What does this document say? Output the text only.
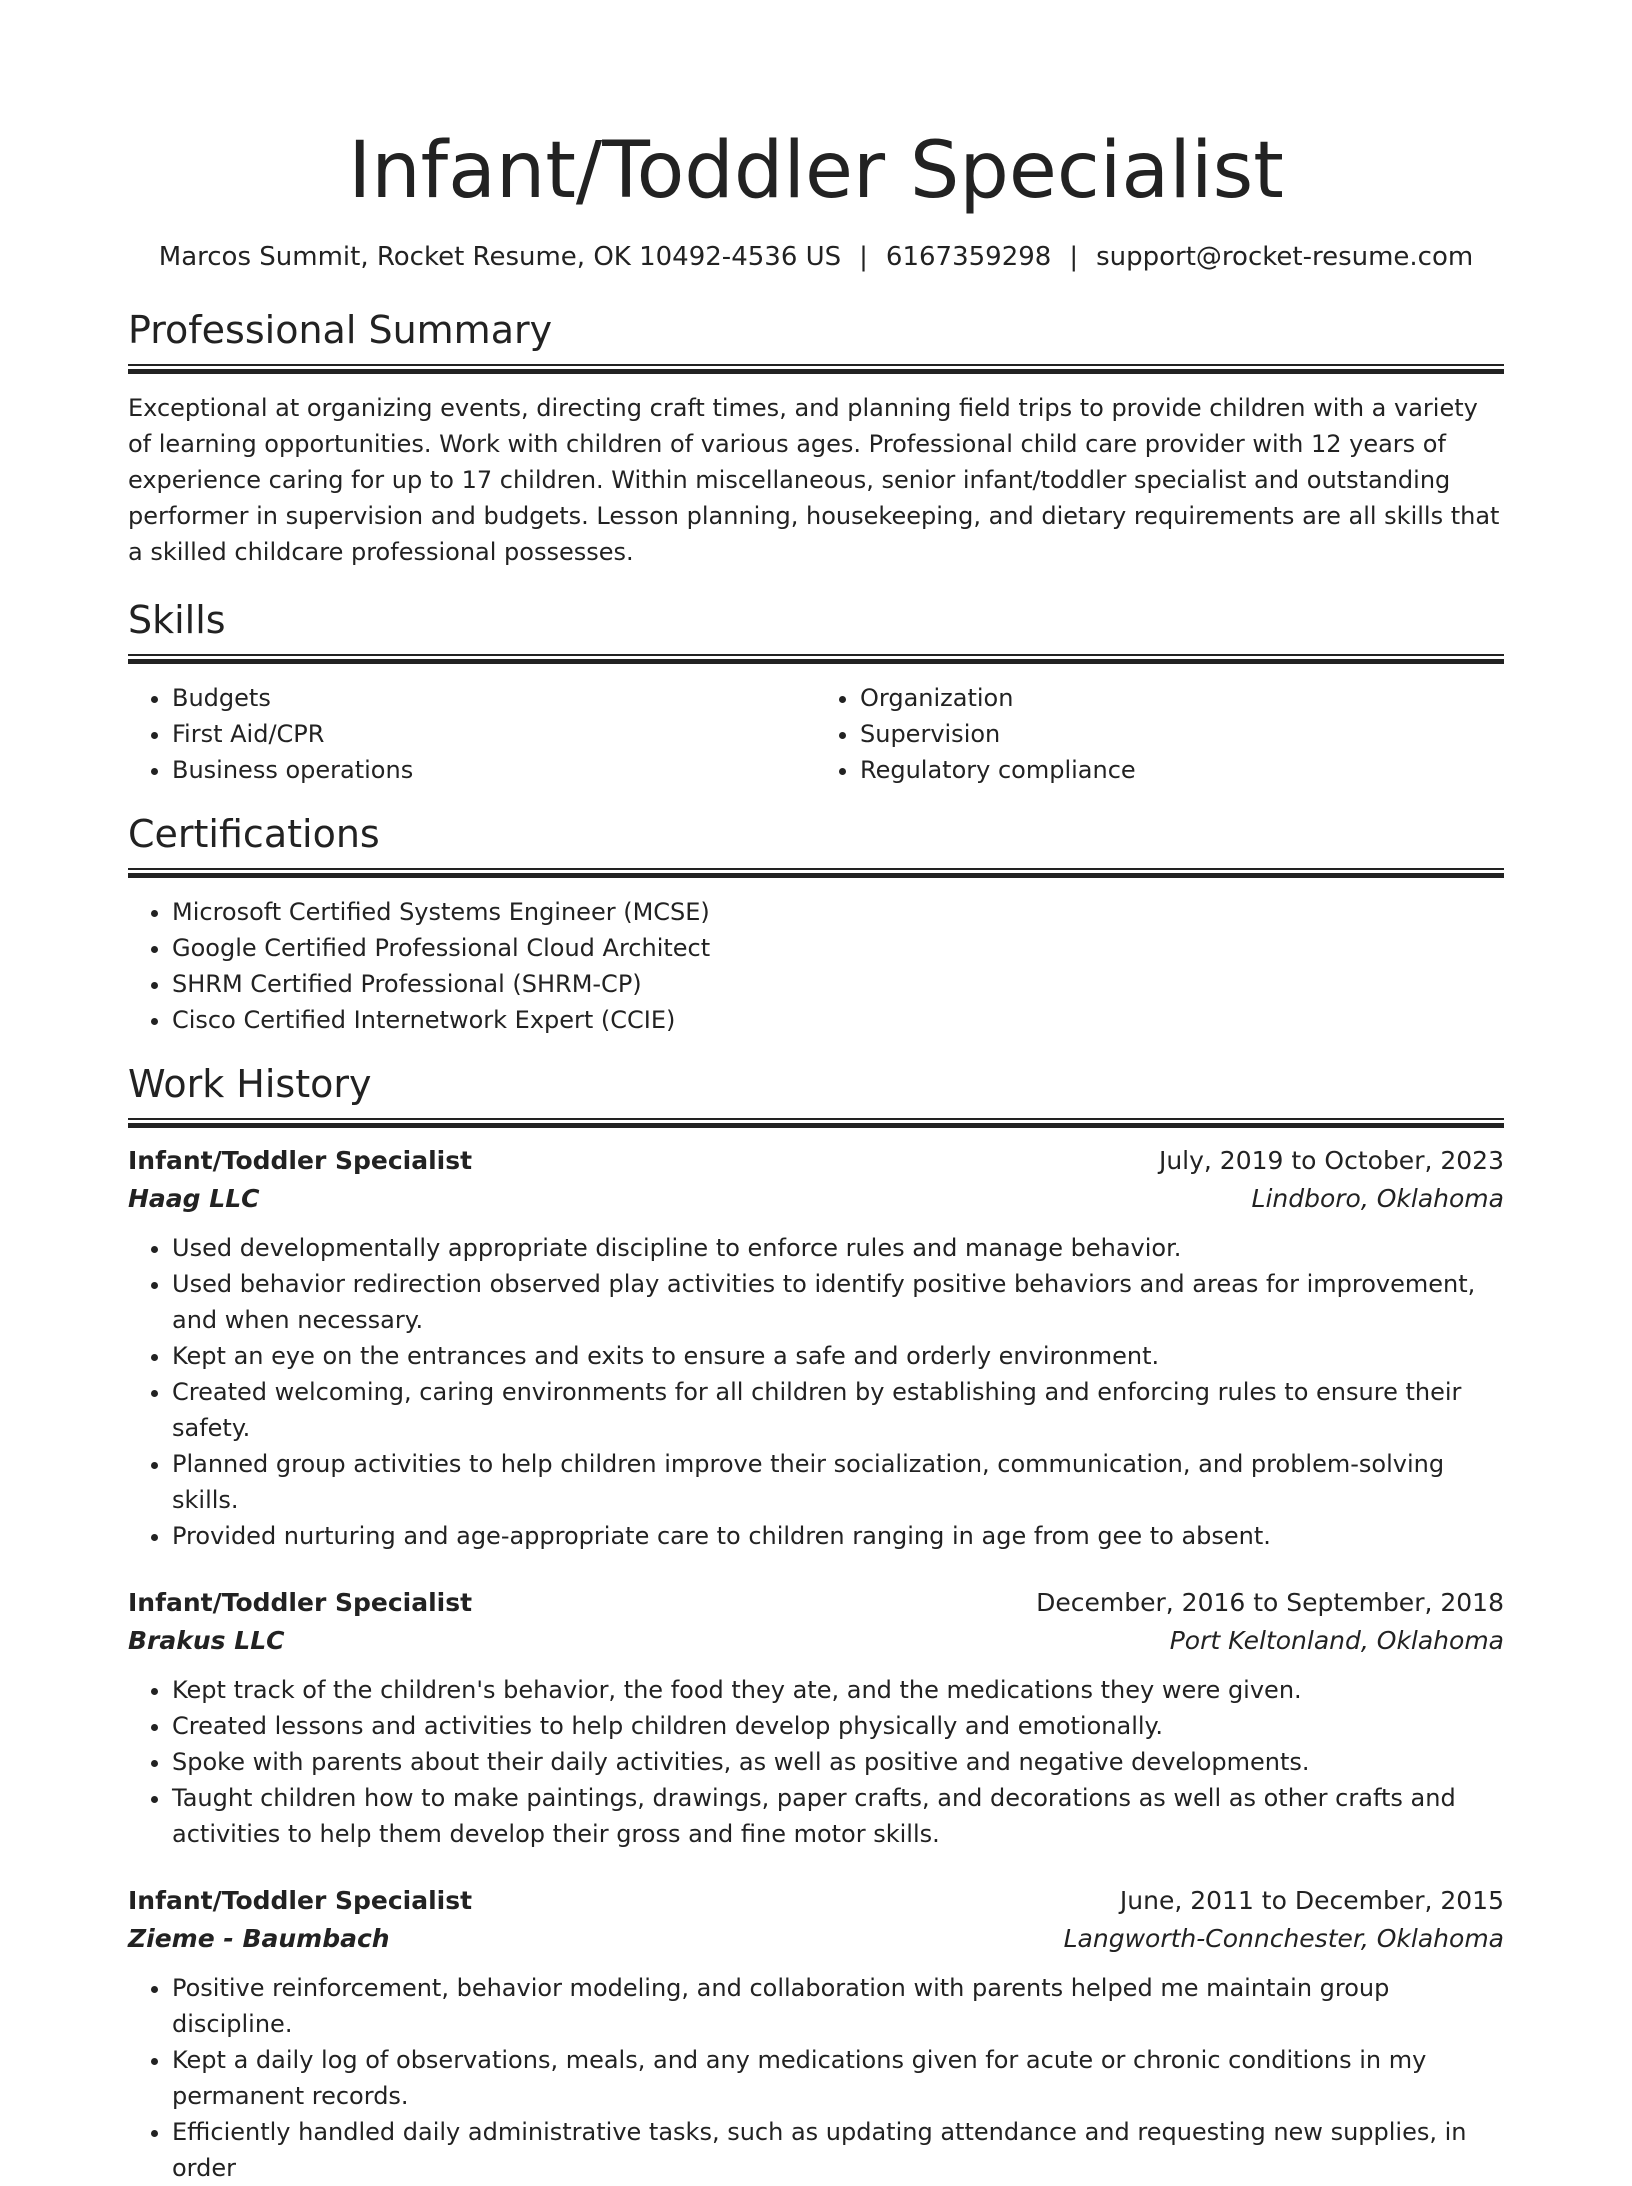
Infant/Toddler Specialist
Marcos Summit, Rocket Resume, OK 10492-4536 US | 6167359298 | support@rocket-resume.com
Professional Summary

Exceptional at organizing events, directing craft times, and planning field trips to provide children with a variety of learning opportunities. Work with children of various ages. Professional child care provider with 12 years of experience caring for up to 17 children. Within miscellaneous, senior infant/toddler specialist and outstanding performer in supervision and budgets. Lesson planning, housekeeping, and dietary requirements are all skills that a skilled childcare professional possesses.

Skills
• Budgets
• First Aid/CPR
• Business operations
• Organization
• Supervision
• Regulatory compliance
Certifications
• Microsoft Certified Systems Engineer (MCSE)
• Google Certified Professional Cloud Architect
• SHRM Certified Professional (SHRM-CP)
• Cisco Certified Internetwork Expert (CCIE)
Work History
Infant/Toddler Specialist	July, 2019 to October, 2023
Haag LLC	Lindboro, Oklahoma
• Used developmentally appropriate discipline to enforce rules and manage behavior.
• Used behavior redirection observed play activities to identify positive behaviors and areas for improvement, and when necessary.
• Kept an eye on the entrances and exits to ensure a safe and orderly environment.
• Created welcoming, caring environments for all children by establishing and enforcing rules to ensure their safety.
• Planned group activities to help children improve their socialization, communication, and problem-solving skills.
• Provided nurturing and age-appropriate care to children ranging in age from gee to absent.
Infant/Toddler Specialist	December, 2016 to September, 2018
Brakus LLC	Port Keltonland, Oklahoma
• Kept track of the children's behavior, the food they ate, and the medications they were given.
• Created lessons and activities to help children develop physically and emotionally.
• Spoke with parents about their daily activities, as well as positive and negative developments.
• Taught children how to make paintings, drawings, paper crafts, and decorations as well as other crafts and activities to help them develop their gross and fine motor skills.
Infant/Toddler Specialist	June, 2011 to December, 2015
Zieme - Baumbach	Langworth-Connchester, Oklahoma
• Positive reinforcement, behavior modeling, and collaboration with parents helped me maintain group discipline.
• Kept a daily log of observations, meals, and any medications given for acute or chronic conditions in my permanent records.
• Efficiently handled daily administrative tasks, such as updating attendance and requesting new supplies, in order
